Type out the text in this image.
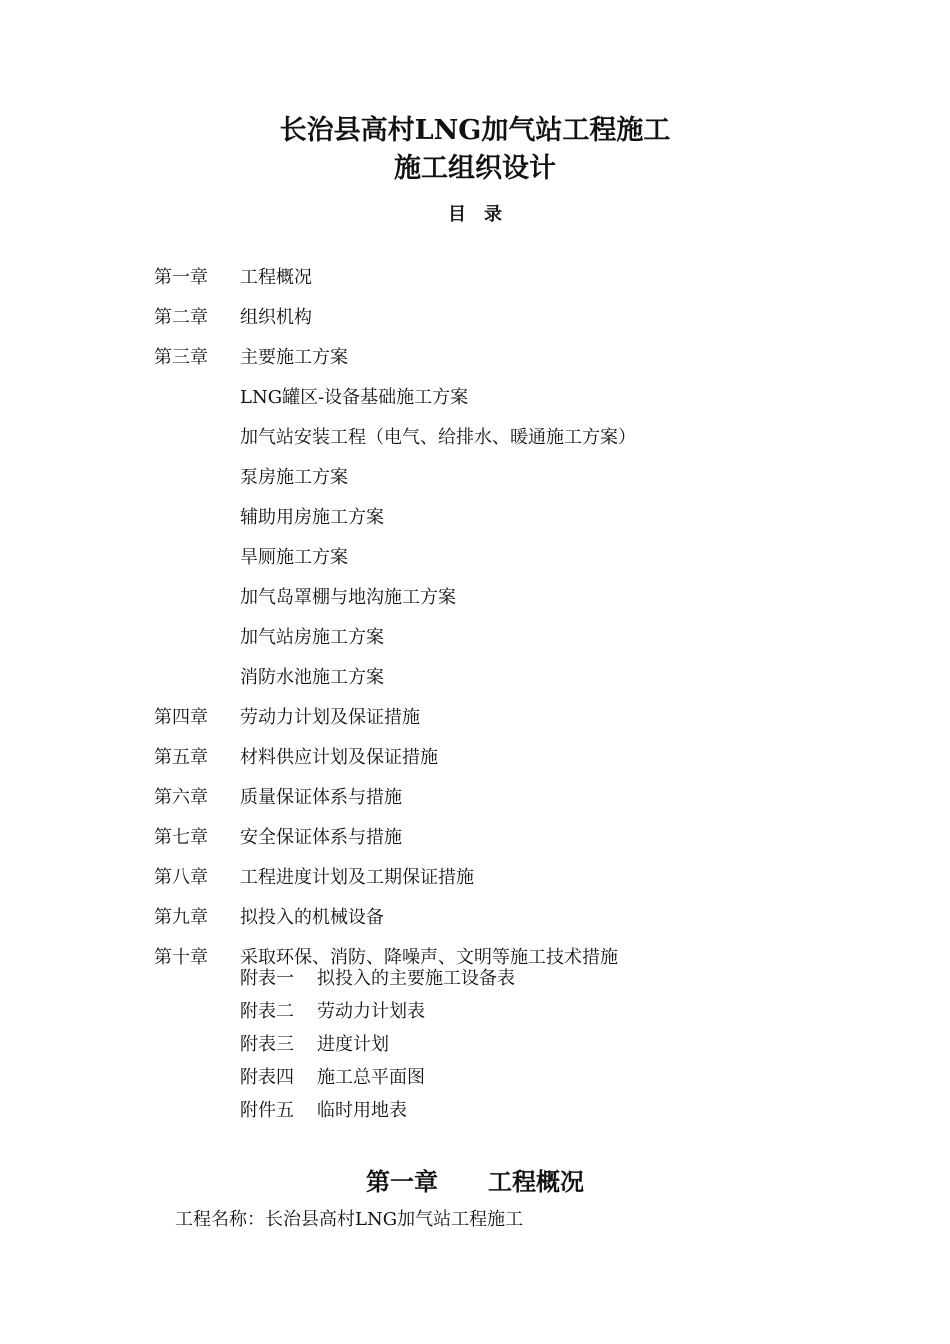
长治县高村LNG加气站工程施工
施工组织设计
目录
第一章	工程概况
第二章	组织机构
第三章	主要施工方案
LNG罐区-设备基础施工方案
加气站安装工程（电气、给排水、暖通施工方案）
泵房施工方案
辅助用房施工方案
旱厕施工方案
加气岛罩棚与地沟施工方案
加气站房施工方案
消防水池施工方案
第四章	劳动力计划及保证措施
第五章	材料供应计划及保证措施
第六章	质量保证体系与措施
第七章	安全保证体系与措施
第八章	工程进度计划及工期保证措施
第九章	拟投入的机械设备
第十章	采取环保、消防、降噪声、文明等施工技术措施
附表一	拟投入的主要施工设备表
附表二	劳动力计划表
附表三	进度计划
附表四	施工总平面图
附件五	临时用地表
第一章 工程概况
工程名称：长治县高村LNG加气站工程施工
